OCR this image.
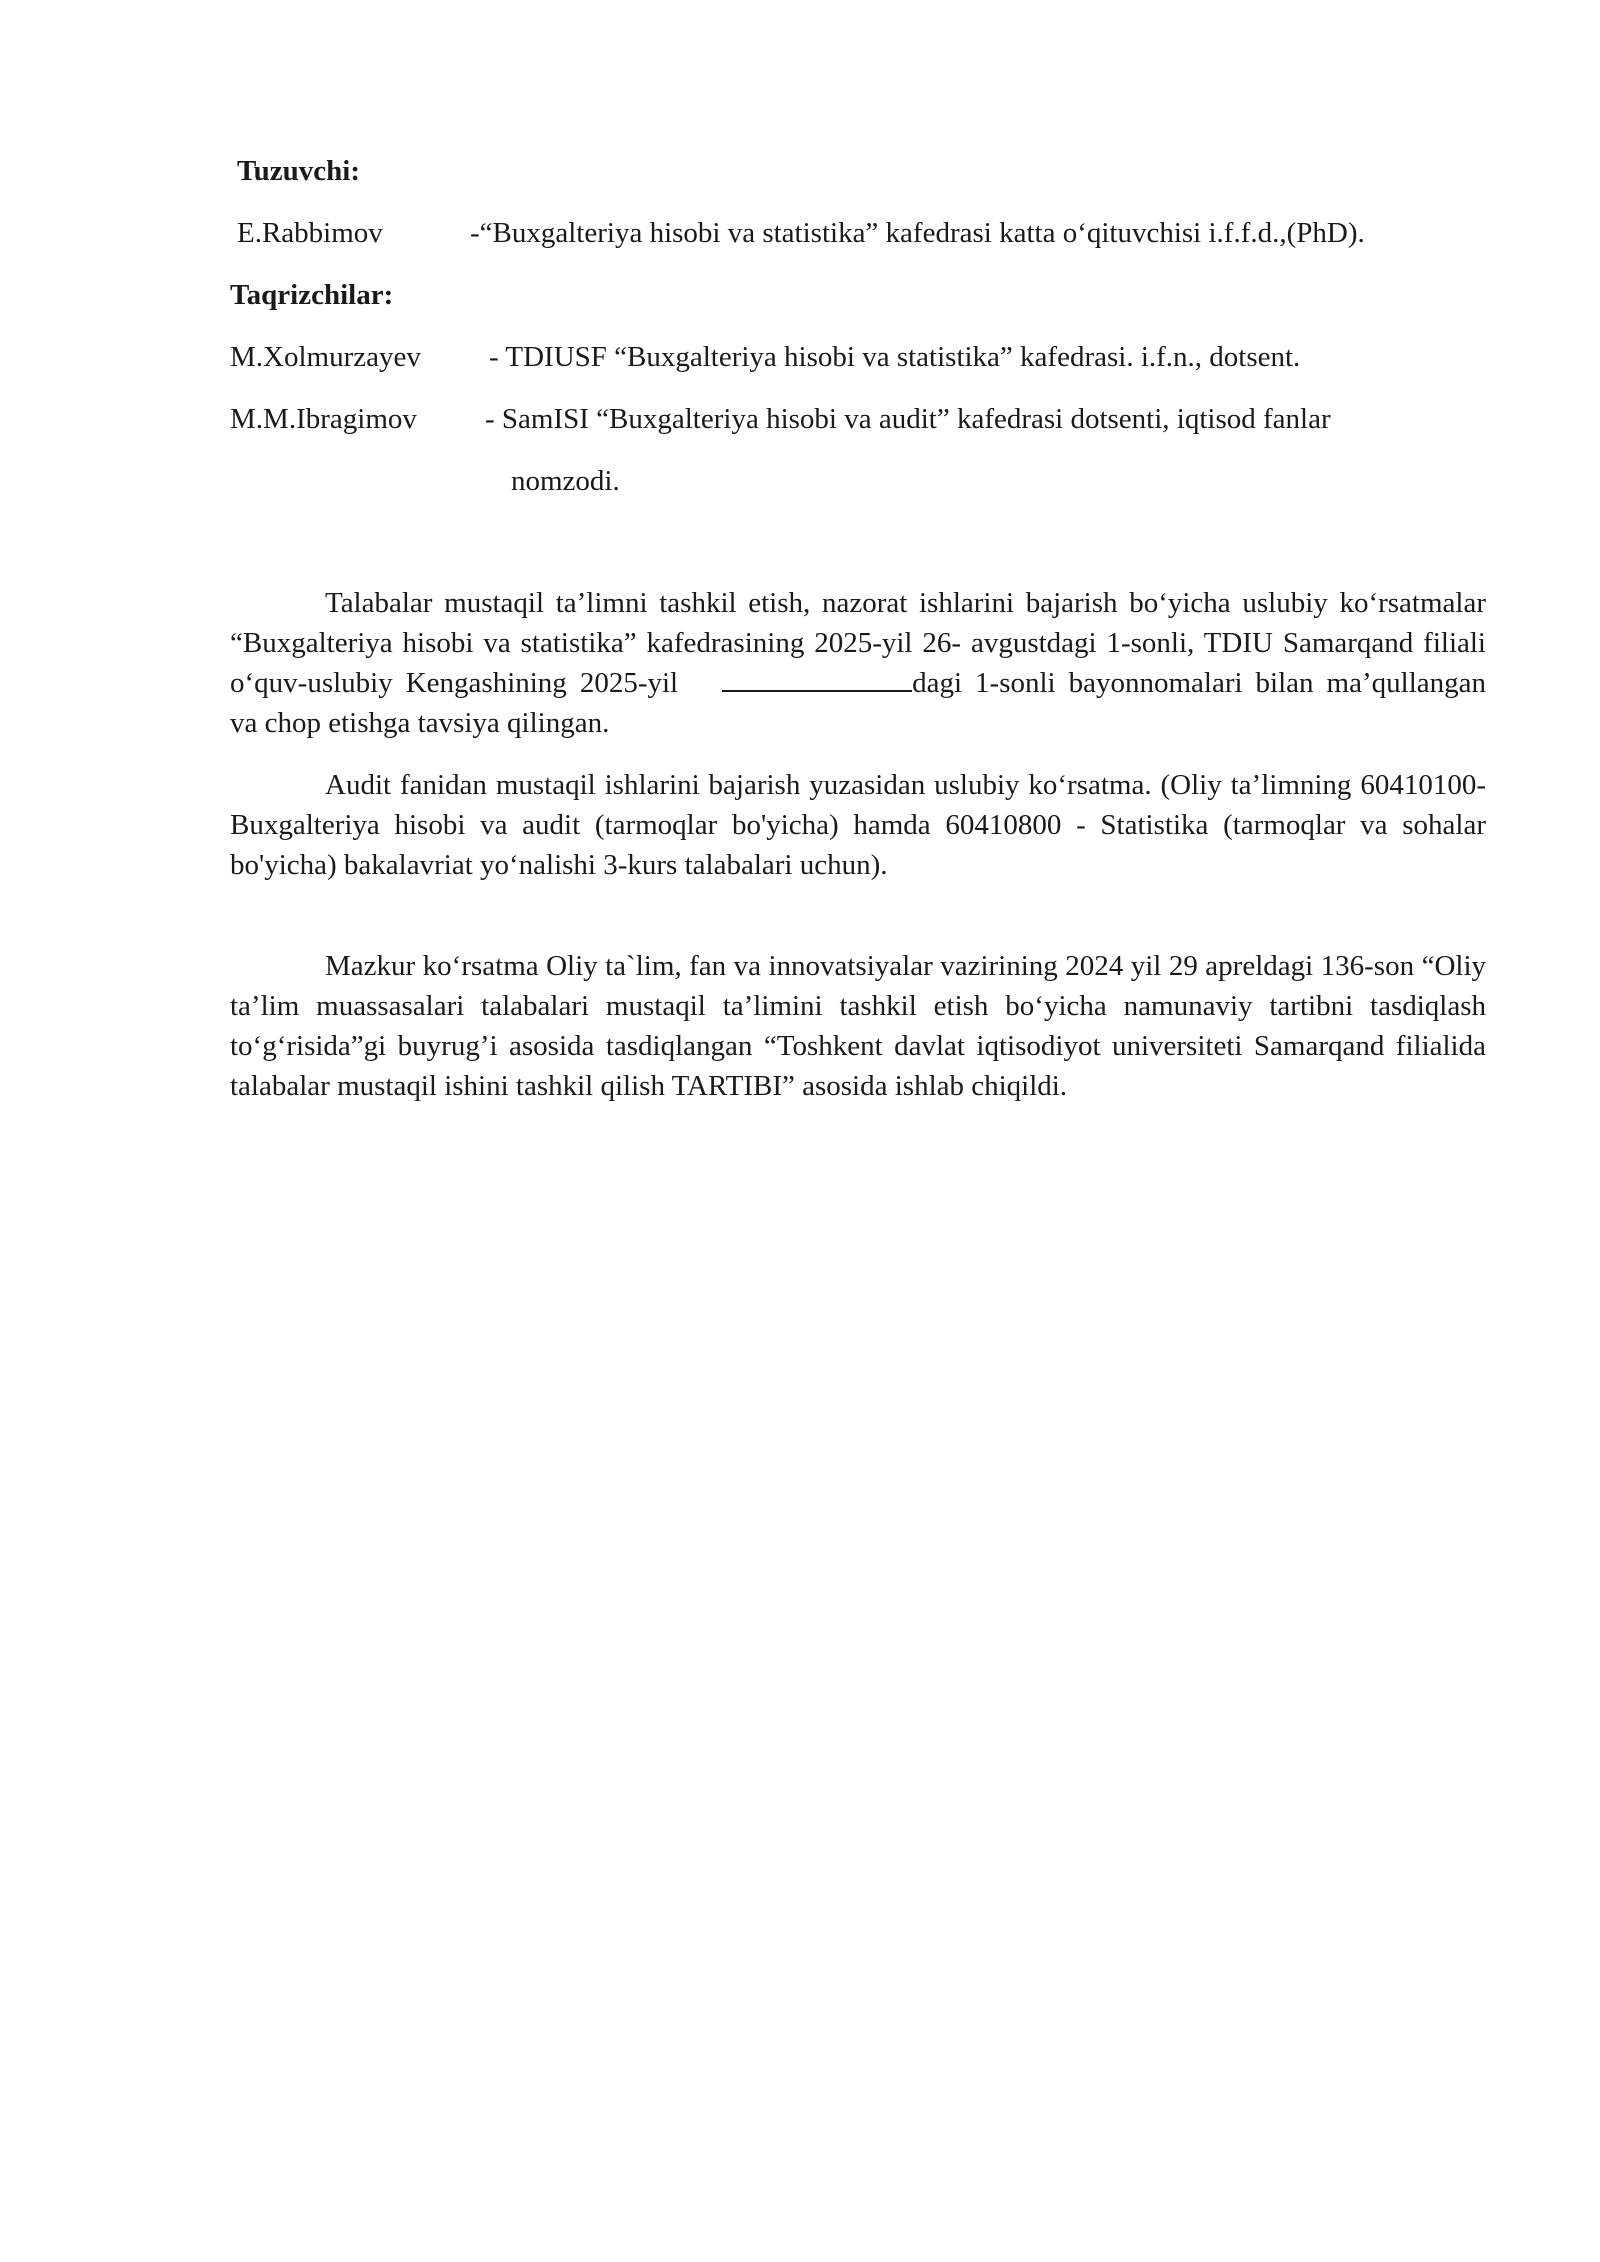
Tuzuvchi:
E.Rabbimov	-“Buxgalteriya hisobi va statistika” kafedrasi katta o‘qituvchisi i.f.f.d.,(PhD).
Taqrizchilar:
M.Xolmurzayev - TDIUSF “Buxgalteriya hisobi va statistika” kafedrasi. i.f.n., dotsent.
M.M.Ibragimov - SamISI “Buxgalteriya hisobi va audit” kafedrasi dotsenti, iqtisod fanlar
nomzodi.
Talabalar mustaqil ta’limni tashkil etish, nazorat ishlarini bajarish bo‘yicha uslubiy ko‘rsatmalar “Buxgalteriya hisobi va statistika” kafedrasining 2025-yil 26- avgustdagi 1-sonli, TDIU Samarqand filiali o‘quv-uslubiy Kengashining 2025-yil	dagi 1-sonli bayonnomalari bilan ma’qullangan va chop etishga tavsiya qilingan.
Audit fanidan mustaqil ishlarini bajarish yuzasidan uslubiy ko‘rsatma. (Oliy ta’limning 60410100-Buxgalteriya hisobi va audit (tarmoqlar bo'yicha) hamda 60410800 - Statistika (tarmoqlar va sohalar bo'yicha) bakalavriat yo‘nalishi 3-kurs talabalari uchun).
Mazkur ko‘rsatma Oliy ta`lim, fan va innovatsiyalar vazirining 2024 yil 29 apreldagi 136-son “Oliy ta’lim muassasalari talabalari mustaqil ta’limini tashkil etish bo‘yicha namunaviy tartibni tasdiqlash to‘g‘risida”gi buyrug’i asosida tasdiqlangan “Toshkent davlat iqtisodiyot universiteti Samarqand filialida talabalar mustaqil ishini tashkil qilish TARTIBI” asosida ishlab chiqildi.
